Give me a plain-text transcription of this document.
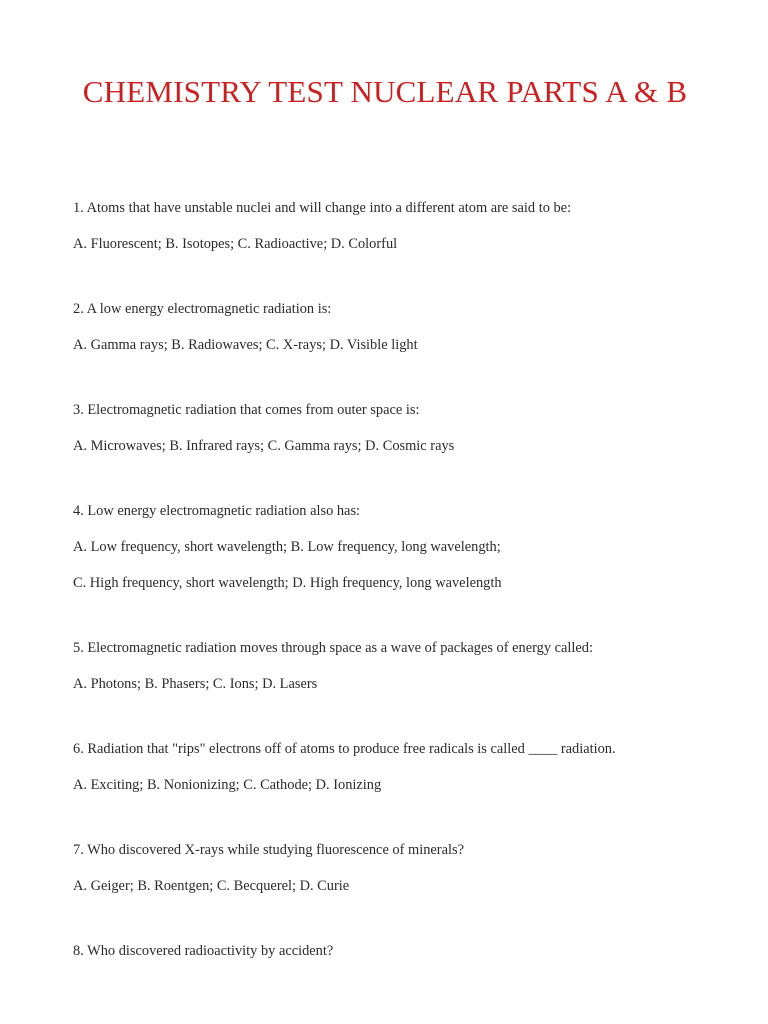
CHEMISTRY TEST NUCLEAR PARTS A & B

1. Atoms that have unstable nuclei and will change into a different atom are said to be:

A. Fluorescent; B. Isotopes; C. Radioactive; D. Colorful

2. A low energy electromagnetic radiation is:

A. Gamma rays; B. Radiowaves; C. X-rays; D. Visible light

3. Electromagnetic radiation that comes from outer space is:

A. Microwaves; B. Infrared rays; C. Gamma rays; D. Cosmic rays

4. Low energy electromagnetic radiation also has:

A. Low frequency, short wavelength; B. Low frequency, long wavelength;

C. High frequency, short wavelength; D. High frequency, long wavelength

5. Electromagnetic radiation moves through space as a wave of packages of energy called:

A. Photons; B. Phasers; C. Ions; D. Lasers

6. Radiation that "rips" electrons off of atoms to produce free radicals is called ____ radiation.

A. Exciting; B. Nonionizing; C. Cathode; D. Ionizing

7. Who discovered X-rays while studying fluorescence of minerals?

A. Geiger; B. Roentgen; C. Becquerel; D. Curie

8. Who discovered radioactivity by accident?
